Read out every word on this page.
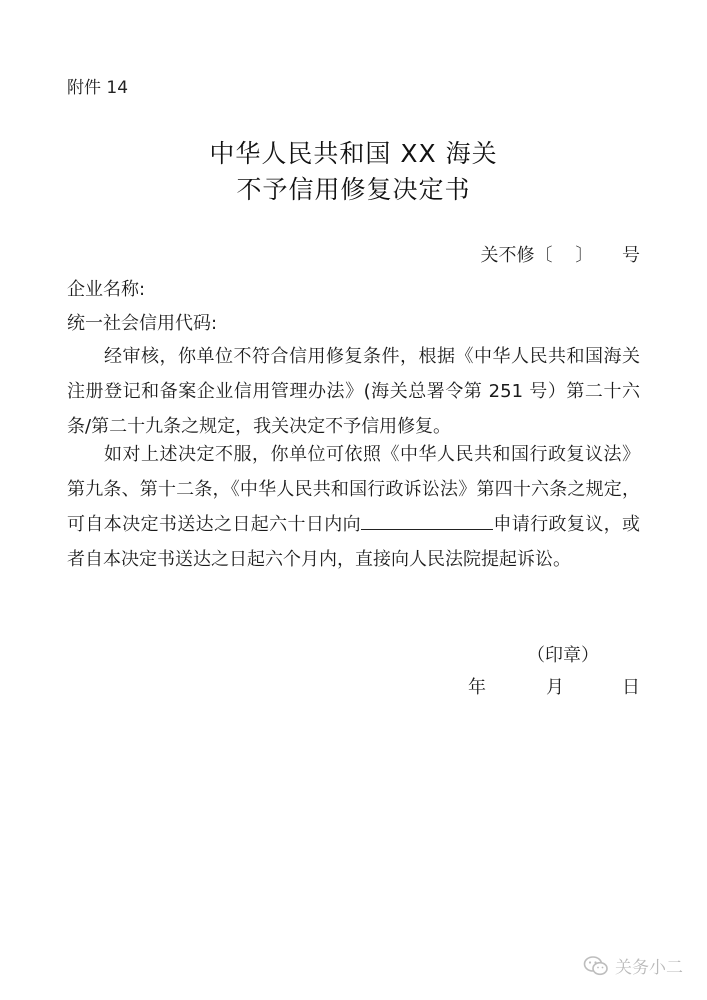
附件 14
中华人民共和国 XX 海关
不予信用修复决定书
关不修〔    〕     号
企业名称:
统一社会信用代码:

经审核，你单位不符合信用修复条件，根据《中华人民共和国海关注册登记和备案企业信用管理办法》(海关总署令第 251 号）第二十六条/第二十九条之规定，我关决定不予信用修复。

如对上述决定不服，你单位可依照《中华人民共和国行政复议法》第九条、第十二条，《中华人民共和国行政诉讼法》第四十六条之规定，可自本决定书送达之日起六十日内向	申请行政复议，或者自本决定书送达之日起六个月内，直接向人民法院提起诉讼。

（印章）
年	月	日
关务小二
